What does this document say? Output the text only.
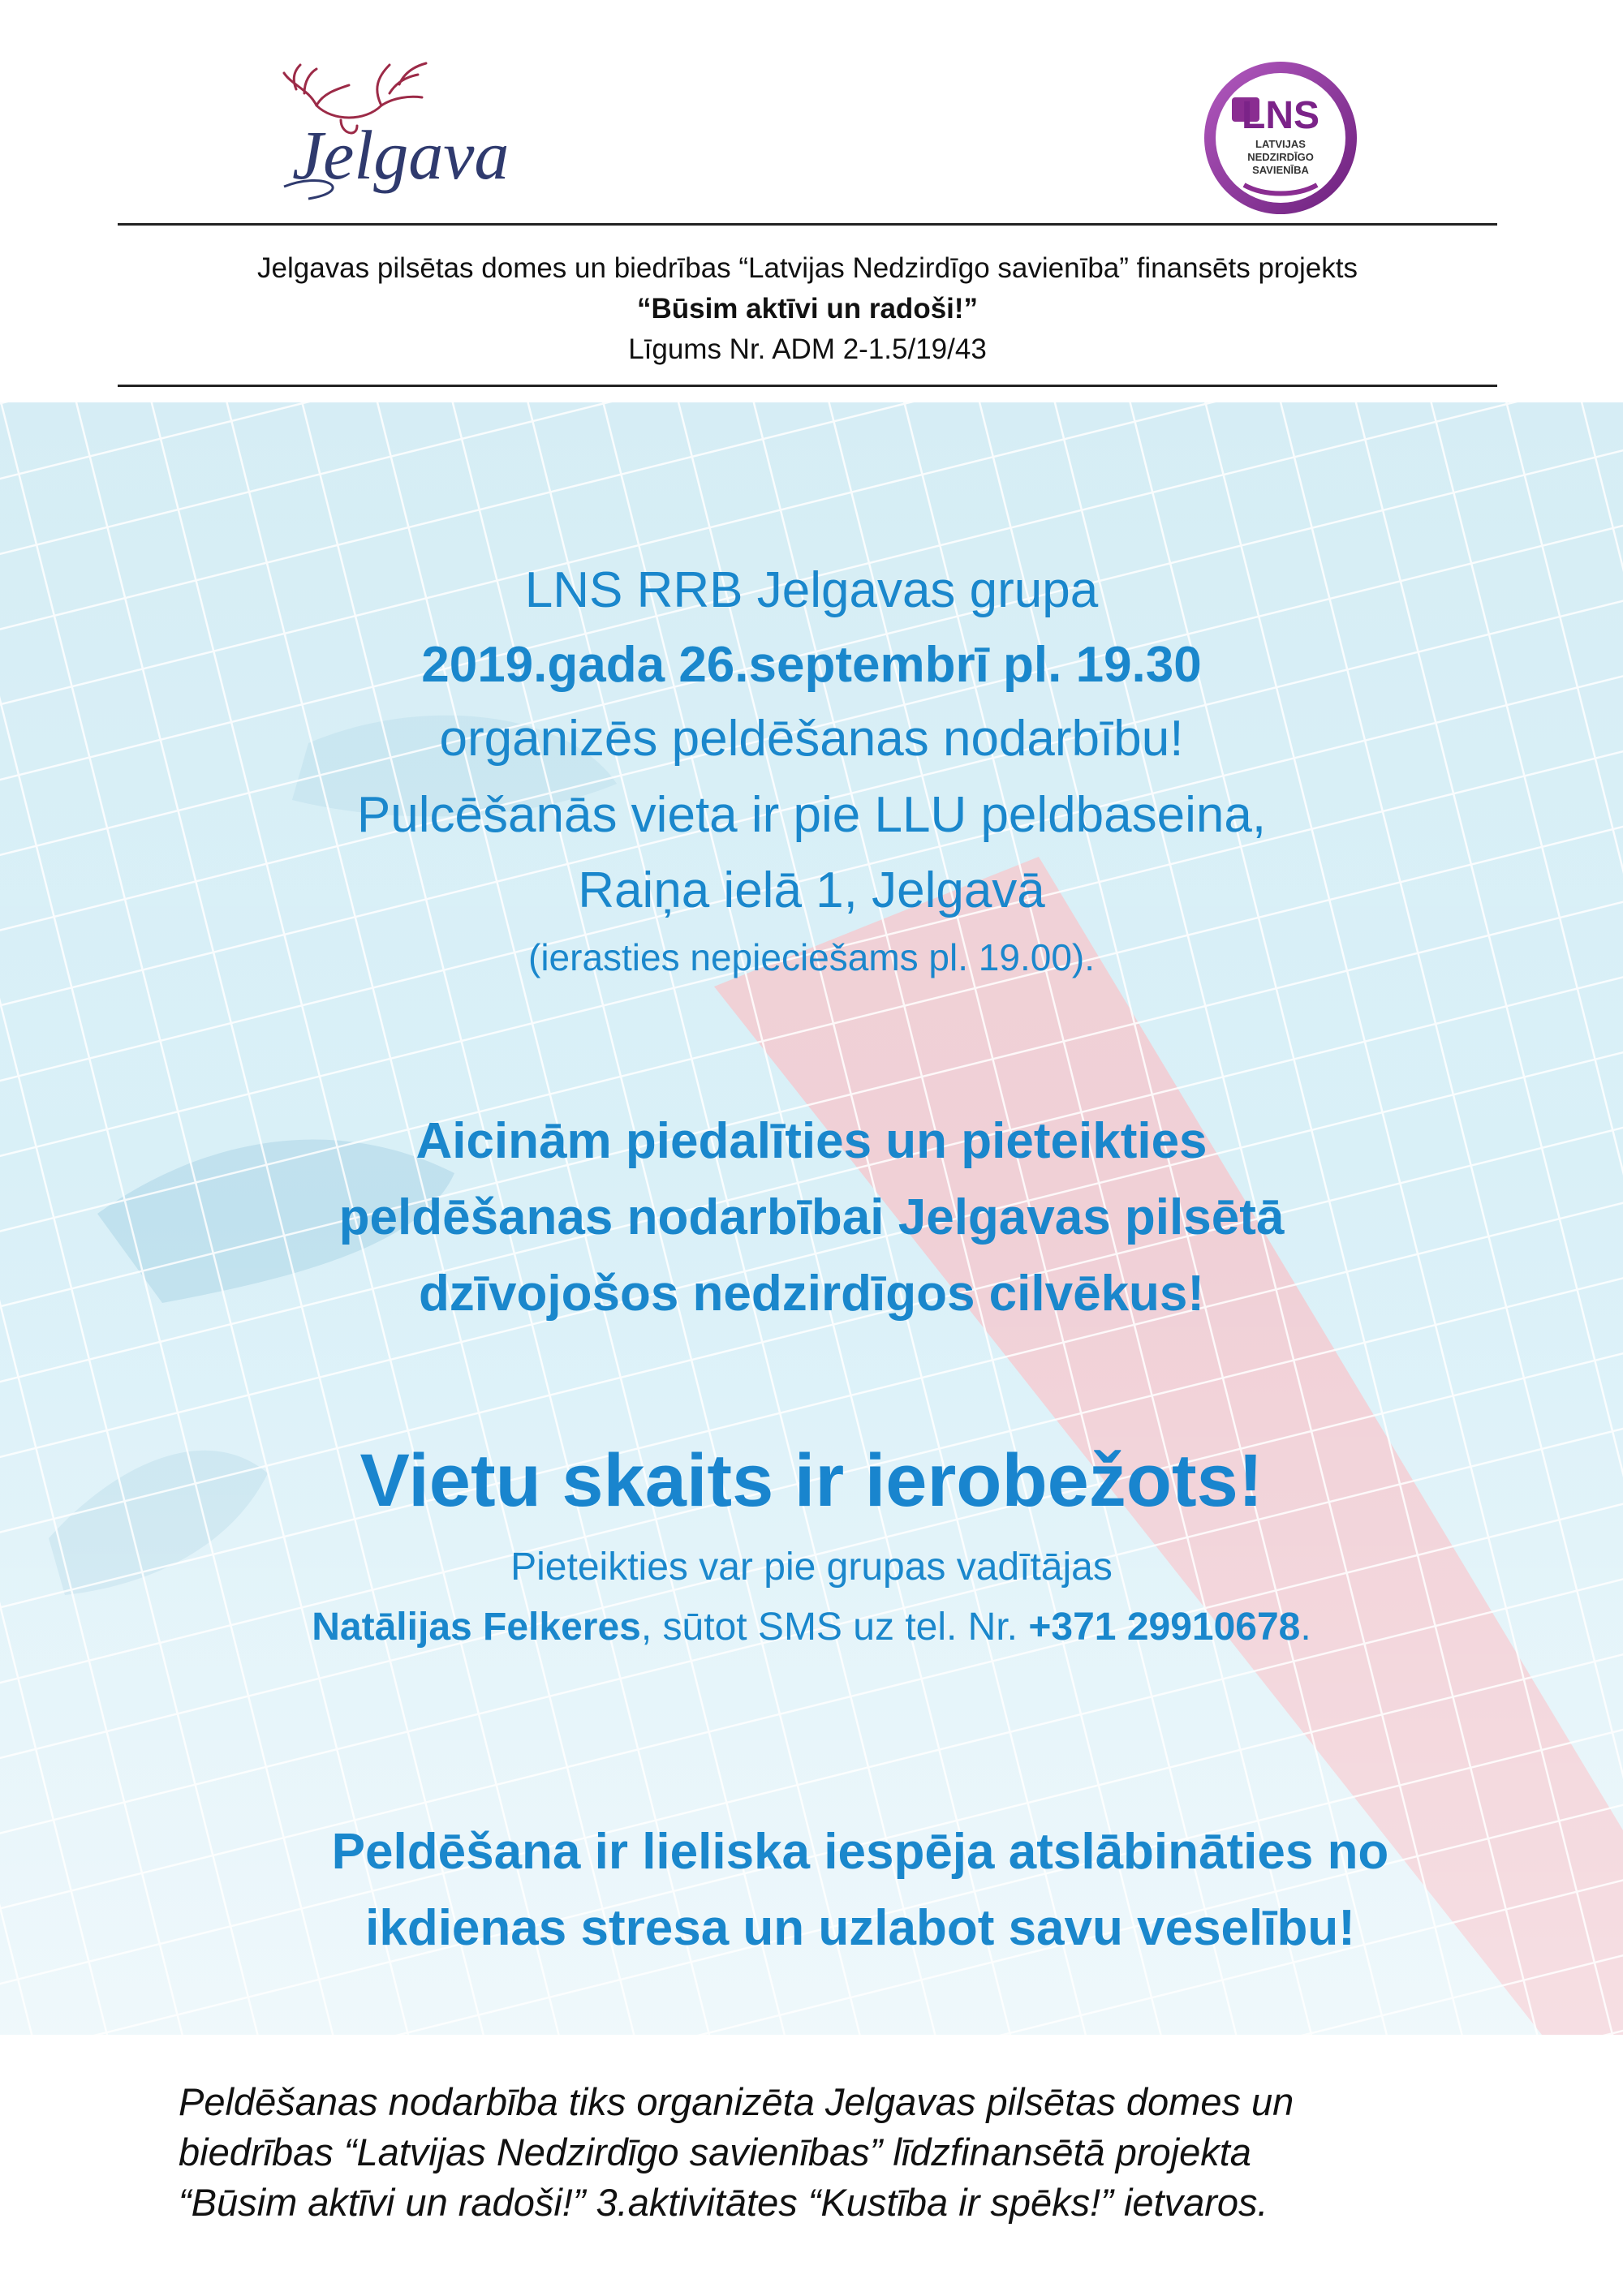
Jelgava
LNS
LATVIJAS
NEDZIRDĪGO
SAVIENĪBA
Jelgavas pilsētas domes un biedrības “Latvijas Nedzirdīgo savienība” finansēts projekts
“Būsim aktīvi un radoši!”
Līgums Nr. ADM 2-1.5/19/43
LNS RRB Jelgavas grupa
2019.gada 26.septembrī pl. 19.30
organizēs peldēšanas nodarbību!
Pulcēšanās vieta ir pie LLU peldbaseina,
Raiņa ielā 1, Jelgavā
(ierasties nepieciešams pl. 19.00).
Aicinām piedalīties un pieteikties
peldēšanas nodarbībai Jelgavas pilsētā
dzīvojošos nedzirdīgos cilvēkus!
Vietu skaits ir ierobežots!
Pieteikties var pie grupas vadītājas
Natālijas Felkeres, sūtot SMS uz tel. Nr. +371 29910678.
Peldēšana ir lieliska iespēja atslābināties no
ikdienas stresa un uzlabot savu veselību!
Peldēšanas nodarbība tiks organizēta Jelgavas pilsētas domes un
biedrības “Latvijas Nedzirdīgo savienības” līdzfinansētā projekta
“Būsim aktīvi un radoši!” 3.aktivitātes “Kustība ir spēks!” ietvaros.
